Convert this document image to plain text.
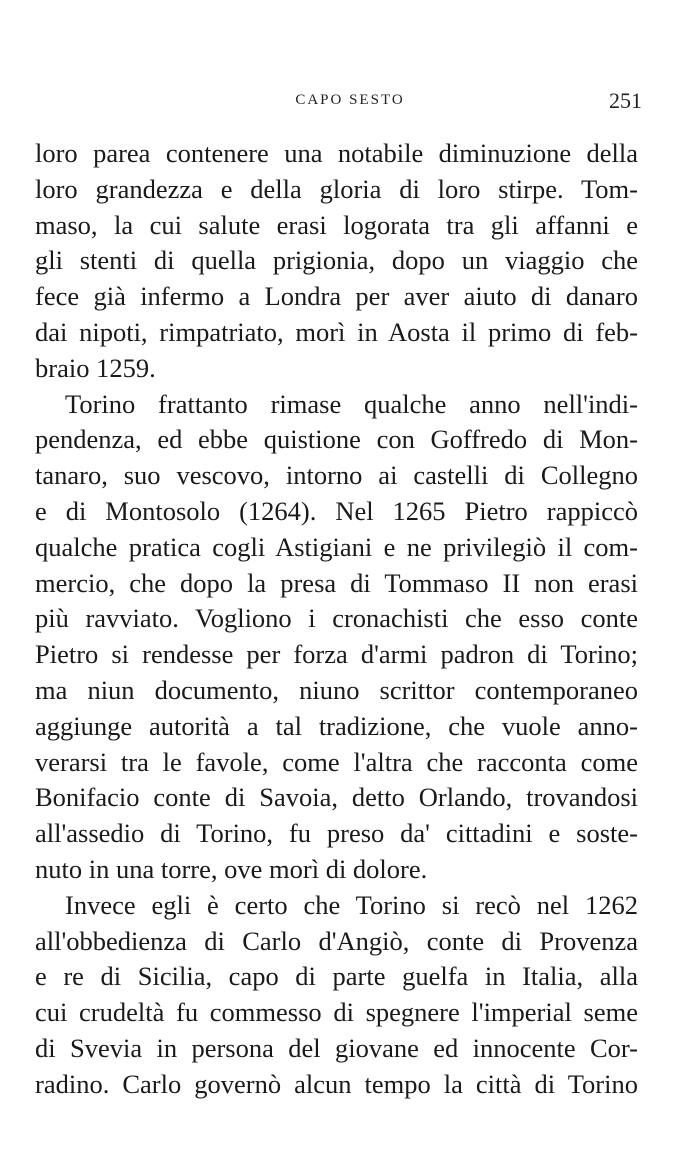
CAPO SESTO	251
loro parea contenere una notabile diminuzione della
loro grandezza e della gloria di loro stirpe. Tom-
maso, la cui salute erasi logorata tra gli affanni e
gli stenti di quella prigionia, dopo un viaggio che
fece già infermo a Londra per aver aiuto di danaro
dai nipoti, rimpatriato, morì in Aosta il primo di feb-
braio 1259.
Torino frattanto rimase qualche anno nell'indi-
pendenza, ed ebbe quistione con Goffredo di Mon-
tanaro, suo vescovo, intorno ai castelli di Collegno
e di Montosolo (1264). Nel 1265 Pietro rappiccò
qualche pratica cogli Astigiani e ne privilegiò il com-
mercio, che dopo la presa di Tommaso II non erasi
più ravviato. Vogliono i cronachisti che esso conte
Pietro si rendesse per forza d'armi padron di Torino;
ma niun documento, niuno scrittor contemporaneo
aggiunge autorità a tal tradizione, che vuole anno-
verarsi tra le favole, come l'altra che racconta come
Bonifacio conte di Savoia, detto Orlando, trovandosi
all'assedio di Torino, fu preso da' cittadini e soste-
nuto in una torre, ove morì di dolore.
Invece egli è certo che Torino si recò nel 1262
all'obbedienza di Carlo d'Angiò, conte di Provenza
e re di Sicilia, capo di parte guelfa in Italia, alla
cui crudeltà fu commesso di spegnere l'imperial seme
di Svevia in persona del giovane ed innocente Cor-
radino. Carlo governò alcun tempo la città di Torino
